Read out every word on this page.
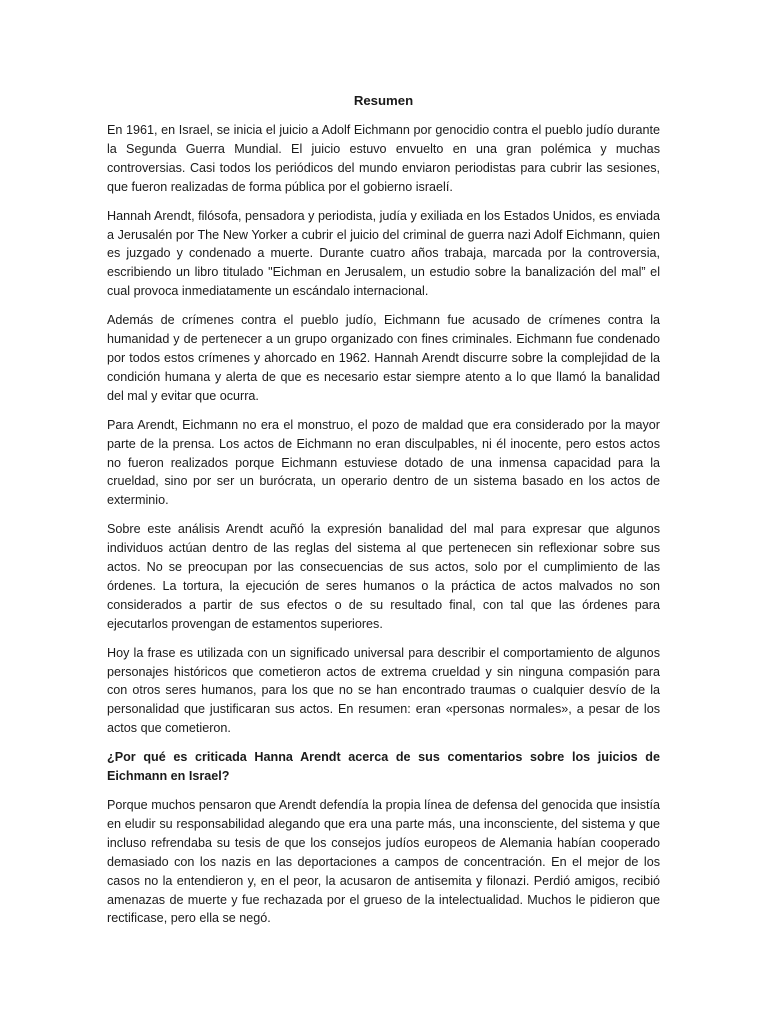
Resumen

En 1961, en Israel, se inicia el juicio a Adolf Eichmann por genocidio contra el pueblo judío durante la Segunda Guerra Mundial. El juicio estuvo envuelto en una gran polémica y muchas controversias. Casi todos los periódicos del mundo enviaron periodistas para cubrir las sesiones, que fueron realizadas de forma pública por el gobierno israelí.

Hannah Arendt, filósofa, pensadora y periodista, judía y exiliada en los Estados Unidos, es enviada a Jerusalén por The New Yorker a cubrir el juicio del criminal de guerra nazi Adolf Eichmann, quien es juzgado y condenado a muerte. Durante cuatro años trabaja, marcada por la controversia, escribiendo un libro titulado "Eichman en Jerusalem, un estudio sobre la banalización del mal” el cual provoca inmediatamente un escándalo internacional.

Además de crímenes contra el pueblo judío, Eichmann fue acusado de crímenes contra la humanidad y de pertenecer a un grupo organizado con fines criminales. Eichmann fue condenado por todos estos crímenes y ahorcado en 1962. Hannah Arendt discurre sobre la complejidad de la condición humana y alerta de que es necesario estar siempre atento a lo que llamó la banalidad del mal y evitar que ocurra.

Para Arendt, Eichmann no era el monstruo, el pozo de maldad que era considerado por la mayor parte de la prensa. Los actos de Eichmann no eran disculpables, ni él inocente, pero estos actos no fueron realizados porque Eichmann estuviese dotado de una inmensa capacidad para la crueldad, sino por ser un burócrata, un operario dentro de un sistema basado en los actos de exterminio.

Sobre este análisis Arendt acuñó la expresión banalidad del mal para expresar que algunos individuos actúan dentro de las reglas del sistema al que pertenecen sin reflexionar sobre sus actos. No se preocupan por las consecuencias de sus actos, solo por el cumplimiento de las órdenes. La tortura, la ejecución de seres humanos o la práctica de actos malvados no son considerados a partir de sus efectos o de su resultado final, con tal que las órdenes para ejecutarlos provengan de estamentos superiores.

Hoy la frase es utilizada con un significado universal para describir el comportamiento de algunos personajes históricos que cometieron actos de extrema crueldad y sin ninguna compasión para con otros seres humanos, para los que no se han encontrado traumas o cualquier desvío de la personalidad que justificaran sus actos. En resumen: eran «personas normales», a pesar de los actos que cometieron.

¿Por qué es criticada Hanna Arendt acerca de sus comentarios sobre los juicios de Eichmann en Israel?

Porque muchos pensaron que Arendt defendía la propia línea de defensa del genocida que insistía en eludir su responsabilidad alegando que era una parte más, una inconsciente, del sistema y que incluso refrendaba su tesis de que los consejos judíos europeos de Alemania habían cooperado demasiado con los nazis en las deportaciones a campos de concentración. En el mejor de los casos no la entendieron y, en el peor, la acusaron de antisemita y filonazi. Perdió amigos, recibió amenazas de muerte y fue rechazada por el grueso de la intelectualidad. Muchos le pidieron que rectificase, pero ella se negó.
